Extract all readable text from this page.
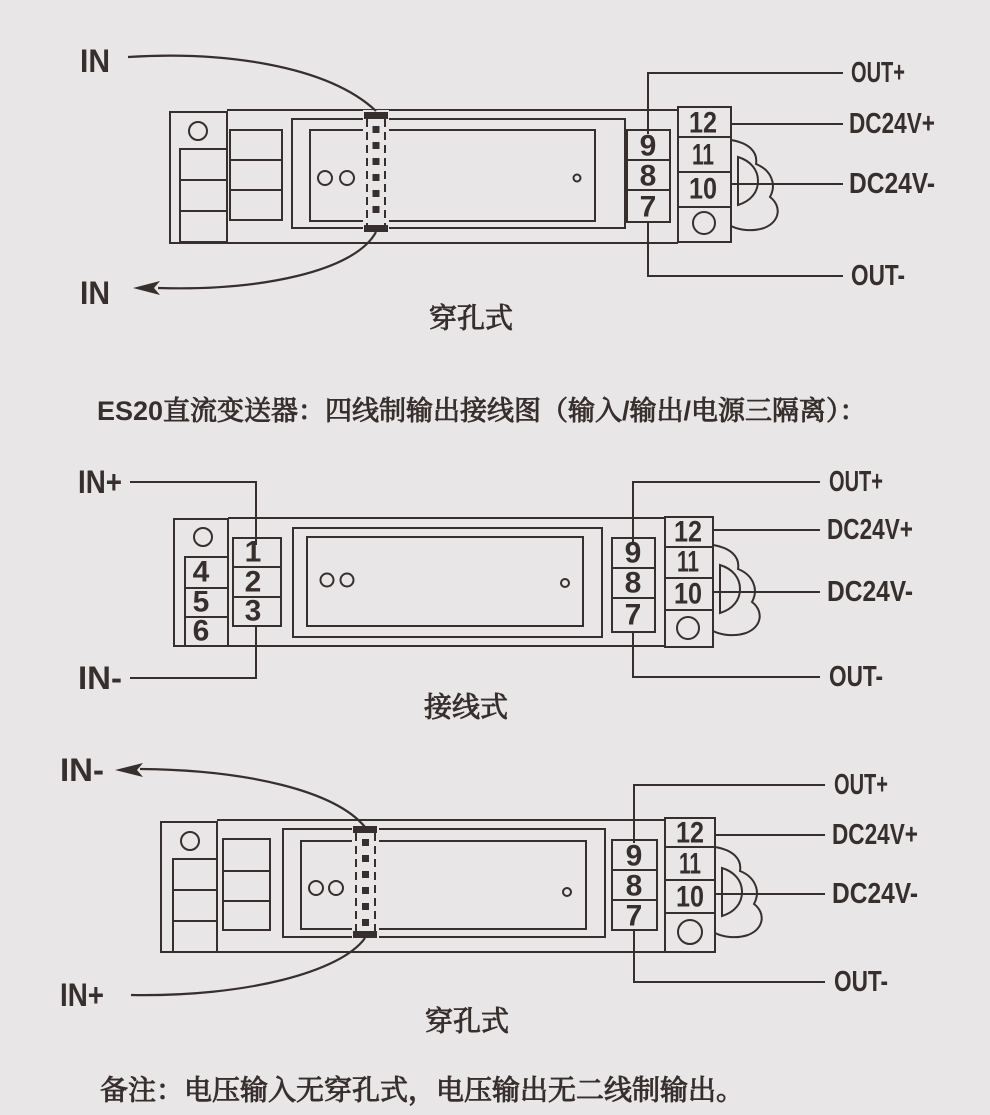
9
8
7
12
11
10
IN
IN
OUT+
DC24V+
DC24V-
OUT-
穿孔式
ES20直流变送器：四线制输出接线图（输入/输出/电源三隔离）：
4
5
6
1
2
3
9
8
7
12
11
10
IN+
IN-
OUT+
DC24V+
DC24V-
OUT-
接线式
9
8
7
12
11
10
IN-
IN+
OUT+
DC24V+
DC24V-
OUT-
穿孔式
备注：电压输入无穿孔式，电压输出无二线制输出。
